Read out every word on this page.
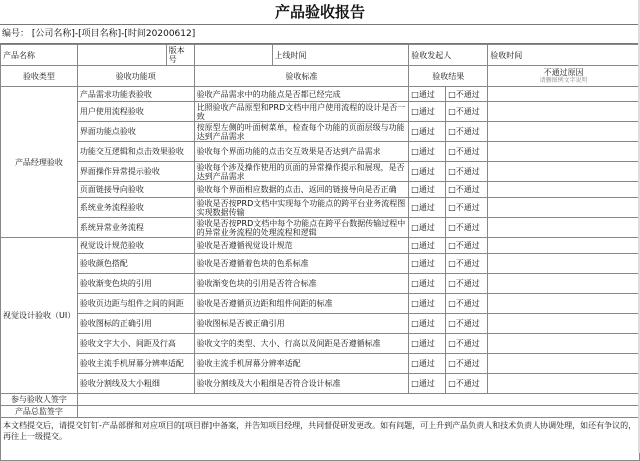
产品验收报告
编号： [公司名称]-[项目名称]-[时间20200612]
产品名称		版本号		上线时间	验收发起人		验收时间
验收类型	验收功能项		验收标准		验收结果		不通过原因
请删图例文字说明

产品经理验收	产品需求功能表验收		验收产品需求中的功能点是否都已经完成		□通过	□不通过	
	用户使用流程验收		比照验收产品原型和PRD文档中用户使用流程的设计是否一致		□通过	□不通过	
	界面功能点验收		按原型左侧的叶面树菜单，检查每个功能的页面层级与功能达到产品需求		□通过	□不通过	
	功能交互逻辑和点击效果验收		验收每个界面功能的点击交互效果是否达到产品需求		□通过	□不通过	
	界面操作异常提示验收		验收每个涉及操作使用的页面的异常操作提示和展现，是否达到产品需求		□通过	□不通过	
	页面链接导向验收		验收每个界面相应数据的点击、返回的链接导向是否正确		□通过	□不通过	
	系统业务流程验收		验收是否按PRD文档中实现每个功能点的跨平台业务流程图实现数据传输		□通过	□不通过	
	系统异常业务流程		验收是否按PRD文档中每个功能点在跨平台数据传输过程中的异常业务流程的处理流程和逻辑		□通过	□不通过	
视觉设计验收（UI）	视觉设计规范验收		验收是否遵循视觉设计规范		□通过	□不通过	
	验收颜色搭配		验收是否遵循着色块的色系标准		□通过	□不通过	
	验收渐变色块的引用		验收渐变色块的引用是否符合标准		□通过	□不通过	
	验收页边距与组件之间的间距		验收是否遵循页边距和组件间距的标准		□通过	□不通过	
	验收图标的正确引用		验收图标是否被正确引用		□通过	□不通过	
	验收文字大小、间距及行高		验收文字的类型、大小、行高以及间距是否遵循标准		□通过	□不通过	
	验收主流手机屏幕分辨率适配		验收主流手机屏幕分辨率适配		□通过	□不通过	
	验收分割线及大小粗细		验收分割线及大小粗细是否符合设计标准		□通过	□不通过	
参与验收人签字							
产品总监签字							
本文档提交后，请提交钉钉-产品部群和对应项目的[项目群]中备案，并告知项目经理，共同督促研发更改。如有问题，可上升到产品负责人和技术负责人协调处理，如还有争议的，再往上一级提交。							
